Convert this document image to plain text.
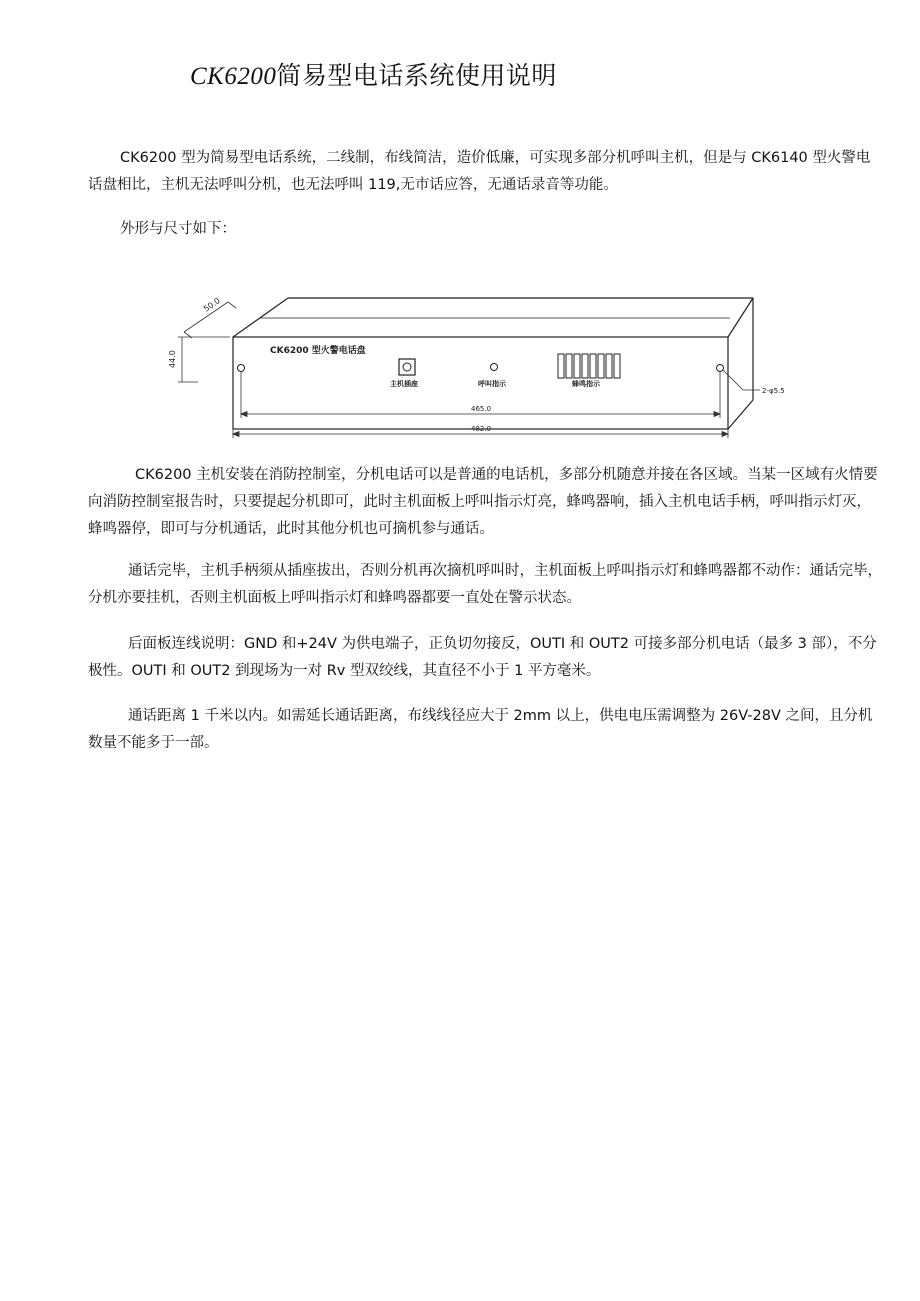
CK6200简易型电话系统使用说明

CK6200 型为简易型电话系统，二线制，布线简洁，造价低廉，可实现多部分机呼叫主机，但是与 CK6140 型火警电话盘相比，主机无法呼叫分机，也无法呼叫 119,无市话应答，无通话录音等功能。

外形与尺寸如下：

50.0
44.0	CK6200 型火警电话盘
主机插座	呼叫指示	蜂鸣指示
2-φ5.5
465.0
482.0

CK6200 主机安装在消防控制室，分机电话可以是普通的电话机，多部分机随意并接在各区域。当某一区域有火情要向消防控制室报告时，只要提起分机即可，此时主机面板上呼叫指示灯亮，蜂鸣器响，插入主机电话手柄，呼叫指示灯灭，蜂鸣器停，即可与分机通话，此时其他分机也可摘机参与通话。

通话完毕，主机手柄须从插座拔出，否则分机再次摘机呼叫时，主机面板上呼叫指示灯和蜂鸣器都不动作：通话完毕，分机亦要挂机，否则主机面板上呼叫指示灯和蜂鸣器都要一直处在警示状态。

后面板连线说明：GND 和+24V 为供电端子，正负切勿接反，OUTI 和 OUT2 可接多部分机电话（最多 3 部），不分极性。OUTI 和 OUT2 到现场为一对 Rv 型双绞线，其直径不小于 1 平方毫米。

通话距离 1 千米以内。如需延长通话距离，布线线径应大于 2mm 以上，供电电压需调整为 26V-28V 之间，且分机数量不能多于一部。
